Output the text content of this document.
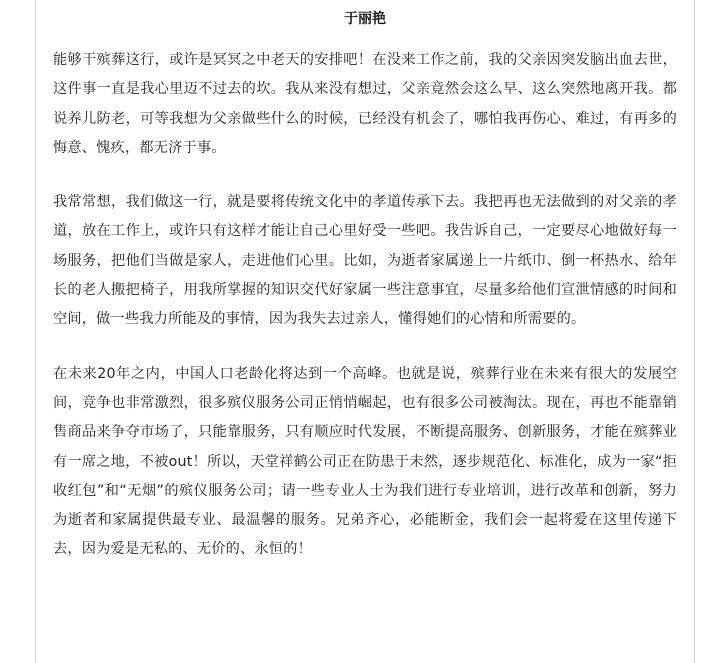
于丽艳

能够干殡葬这行，或许是冥冥之中老天的安排吧！在没来工作之前，我的父亲因突发脑出血去世，这件事一直是我心里迈不过去的坎。我从来没有想过，父亲竟然会这么早、这么突然地离开我。都说养儿防老，可等我想为父亲做些什么的时候，已经没有机会了，哪怕我再伤心、难过，有再多的悔意、愧疚，都无济于事。

我常常想，我们做这一行，就是要将传统文化中的孝道传承下去。我把再也无法做到的对父亲的孝道，放在工作上，或许只有这样才能让自己心里好受一些吧。我告诉自己，一定要尽心地做好每一场服务，把他们当做是家人，走进他们心里。比如，为逝者家属递上一片纸巾、倒一杯热水、给年长的老人搬把椅子，用我所掌握的知识交代好家属一些注意事宜，尽量多给他们宣泄情感的时间和空间，做一些我力所能及的事情，因为我失去过亲人，懂得她们的心情和所需要的。

在未来20年之内，中国人口老龄化将达到一个高峰。也就是说，殡葬行业在未来有很大的发展空间，竞争也非常激烈，很多殡仪服务公司正悄悄崛起，也有很多公司被淘汰。现在，再也不能靠销售商品来争夺市场了，只能靠服务，只有顺应时代发展，不断提高服务、创新服务，才能在殡葬业有一席之地，不被out！所以，天堂祥鹤公司正在防患于未然，逐步规范化、标准化，成为一家“拒收红包”和“无烟”的殡仪服务公司；请一些专业人士为我们进行专业培训，进行改革和创新，努力为逝者和家属提供最专业、最温馨的服务。兄弟齐心，必能断金，我们会一起将爱在这里传递下去，因为爱是无私的、无价的、永恒的！
